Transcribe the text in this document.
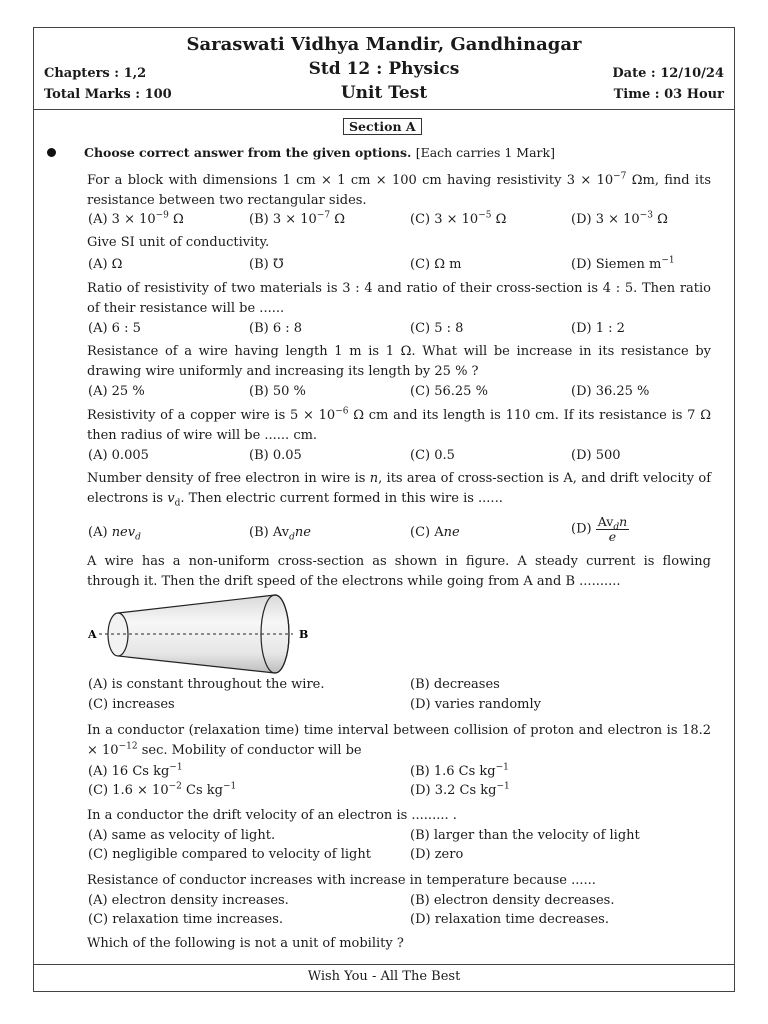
Saraswati Vidhya Mandir, Gandhinagar
Std 12 : Physics
Unit Test
Chapters : 1,2
Total Marks : 100
Date : 12/10/24
Time : 03 Hour
Wish You - All The Best
Section A
Choose correct answer from the given options. [Each carries 1 Mark]
For a block with dimensions 1 cm × 1 cm × 100 cm having resistivity $3 \times 10^{-7}$ Ωm, find its resistance between two rectangular sides.
(A) $3 \times 10^{-9}$ Ω	(B) $3 \times 10^{-7}$ Ω	(C) $3 \times 10^{-5}$ Ω	(D) $3 \times 10^{-3}$ Ω
Give SI unit of conductivity.
(A) Ω	(B) ℧	(C) Ω m	(D) Siemen $m^{-1}$
Ratio of resistivity of two materials is 3 : 4 and ratio of their cross-section is 4 : 5. Then ratio of their resistance will be ......
(A) 6 : 5	(B) 6 : 8	(C) 5 : 8	(D) 1 : 2
Resistance of a wire having length 1 m is 1 Ω. What will be increase in its resistance by drawing wire uniformly and increasing its length by 25 % ?
(A) 25 %	(B) 50 %	(C) 56.25 %	(D) 36.25 %
Resistivity of a copper wire is $5 \times 10^{-6}$ Ω cm and its length is 110 cm. If its resistance is 7 Ω then radius of wire will be ...... cm.
(A) 0.005	(B) 0.05	(C) 0.5	(D) 500
Number density of free electron in wire is n, its area of cross-section is A, and drift velocity of electrons is $v_d$. Then electric current formed in this wire is ......
(A) nev$_d$	(B) $Av_dne$	(C) Ane	$(D) \frac{Av_dn}{e}$
A wire has a non-uniform cross-section as shown in figure. A steady current is flowing through it. Then the drift speed of the electrons while going from A and B ..........
A	B
(A) is constant throughout the wire.	(B) decreases
(C) increases	(D) varies randomly
In a conductor (relaxation time) time interval between collision of proton and electron is $18.2 \times 10^{-12}$ sec. Mobility of conductor will be
(A) 16 Cs $kg^{-1}$	(B) 1.6 Cs $kg^{-1}$
(C) $1.6 \times 10^{-2}$ Cs $kg^{-1}$	(D) 3.2 Cs $kg^{-1}$
In a conductor the drift velocity of an electron is ......... .
(A) same as velocity of light.	(B) larger than the velocity of light
(C) negligible compared to velocity of light	(D) zero
Resistance of conductor increases with increase in temperature because ......
(A) electron density increases.	(B) electron density decreases.
(C) relaxation time increases.	(D) relaxation time decreases.
Which of the following is not a unit of mobility ?
